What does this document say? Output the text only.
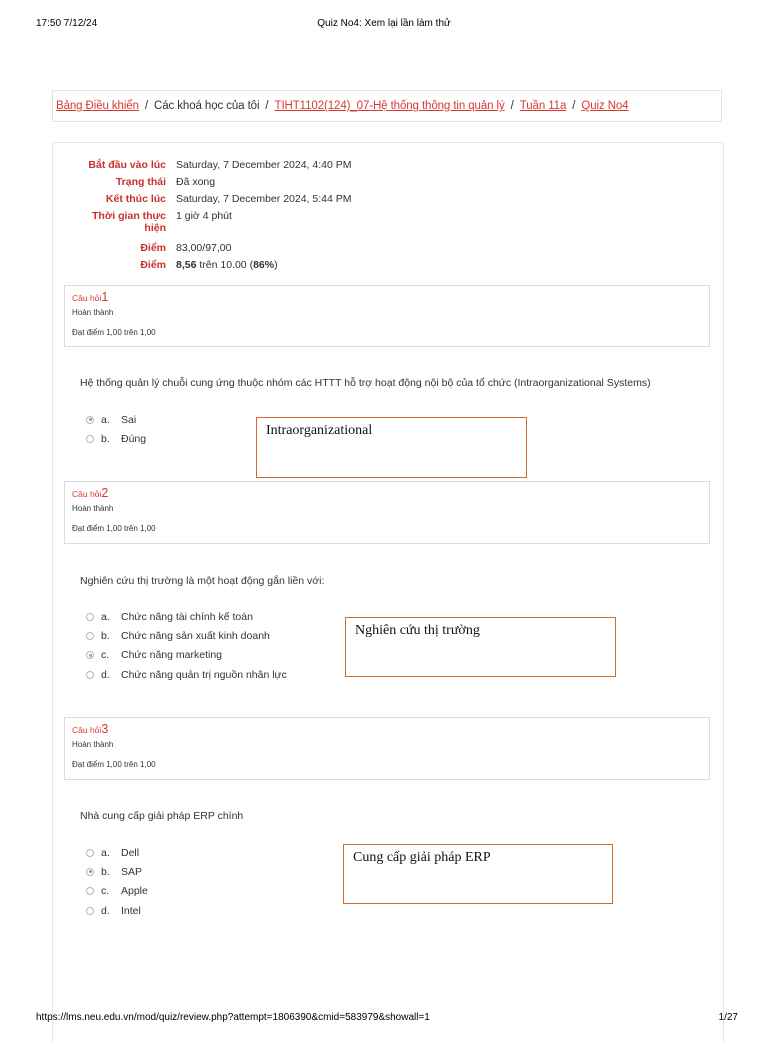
17:50 7/12/24	Quiz No4: Xem lại lần làm thử
Bảng Điều khiển / Các khoá học của tôi / TIHT1102(124)_07-Hệ thống thông tin quản lý / Tuần 11a / Quiz No4
Bắt đầu vào lúc Saturday, 7 December 2024, 4:40 PM
Trạng thái Đã xong
Kết thúc lúc Saturday, 7 December 2024, 5:44 PM
Thời gian thực
hiện
1 giờ 4 phút
Điểm 83,00/97,00
Điểm 8,56 trên 10.00 (86%)
Câu hỏi1
Hoàn thành
Đạt điểm 1,00 trên 1,00
Hệ thống quản lý chuỗi cung ứng thuộc nhóm các HTTT hỗ trợ hoạt động nội bộ của tổ chức (Intraorganizational Systems)
a.	Sai
b.	Đúng
Intraorganizational
Câu hỏi2
Hoàn thành
Đạt điểm 1,00 trên 1,00
Nghiên cứu thị trường là một hoạt động gắn liền với:
a.	Chức năng tài chính kế toán
b.	Chức năng sản xuất kinh doanh
c.	Chức năng marketing
d.	Chức năng quản trị nguồn nhân lực
Nghiên cứu thị trường
Câu hỏi3
Hoàn thành
Đạt điểm 1,00 trên 1,00
Nhà cung cấp giải pháp ERP chính
a.	Dell
b.	SAP
c.	Apple
d.	Intel
Cung cấp giải pháp ERP
https://lms.neu.edu.vn/mod/quiz/review.php?attempt=1806390&cmid=583979&showall=1	1/27
